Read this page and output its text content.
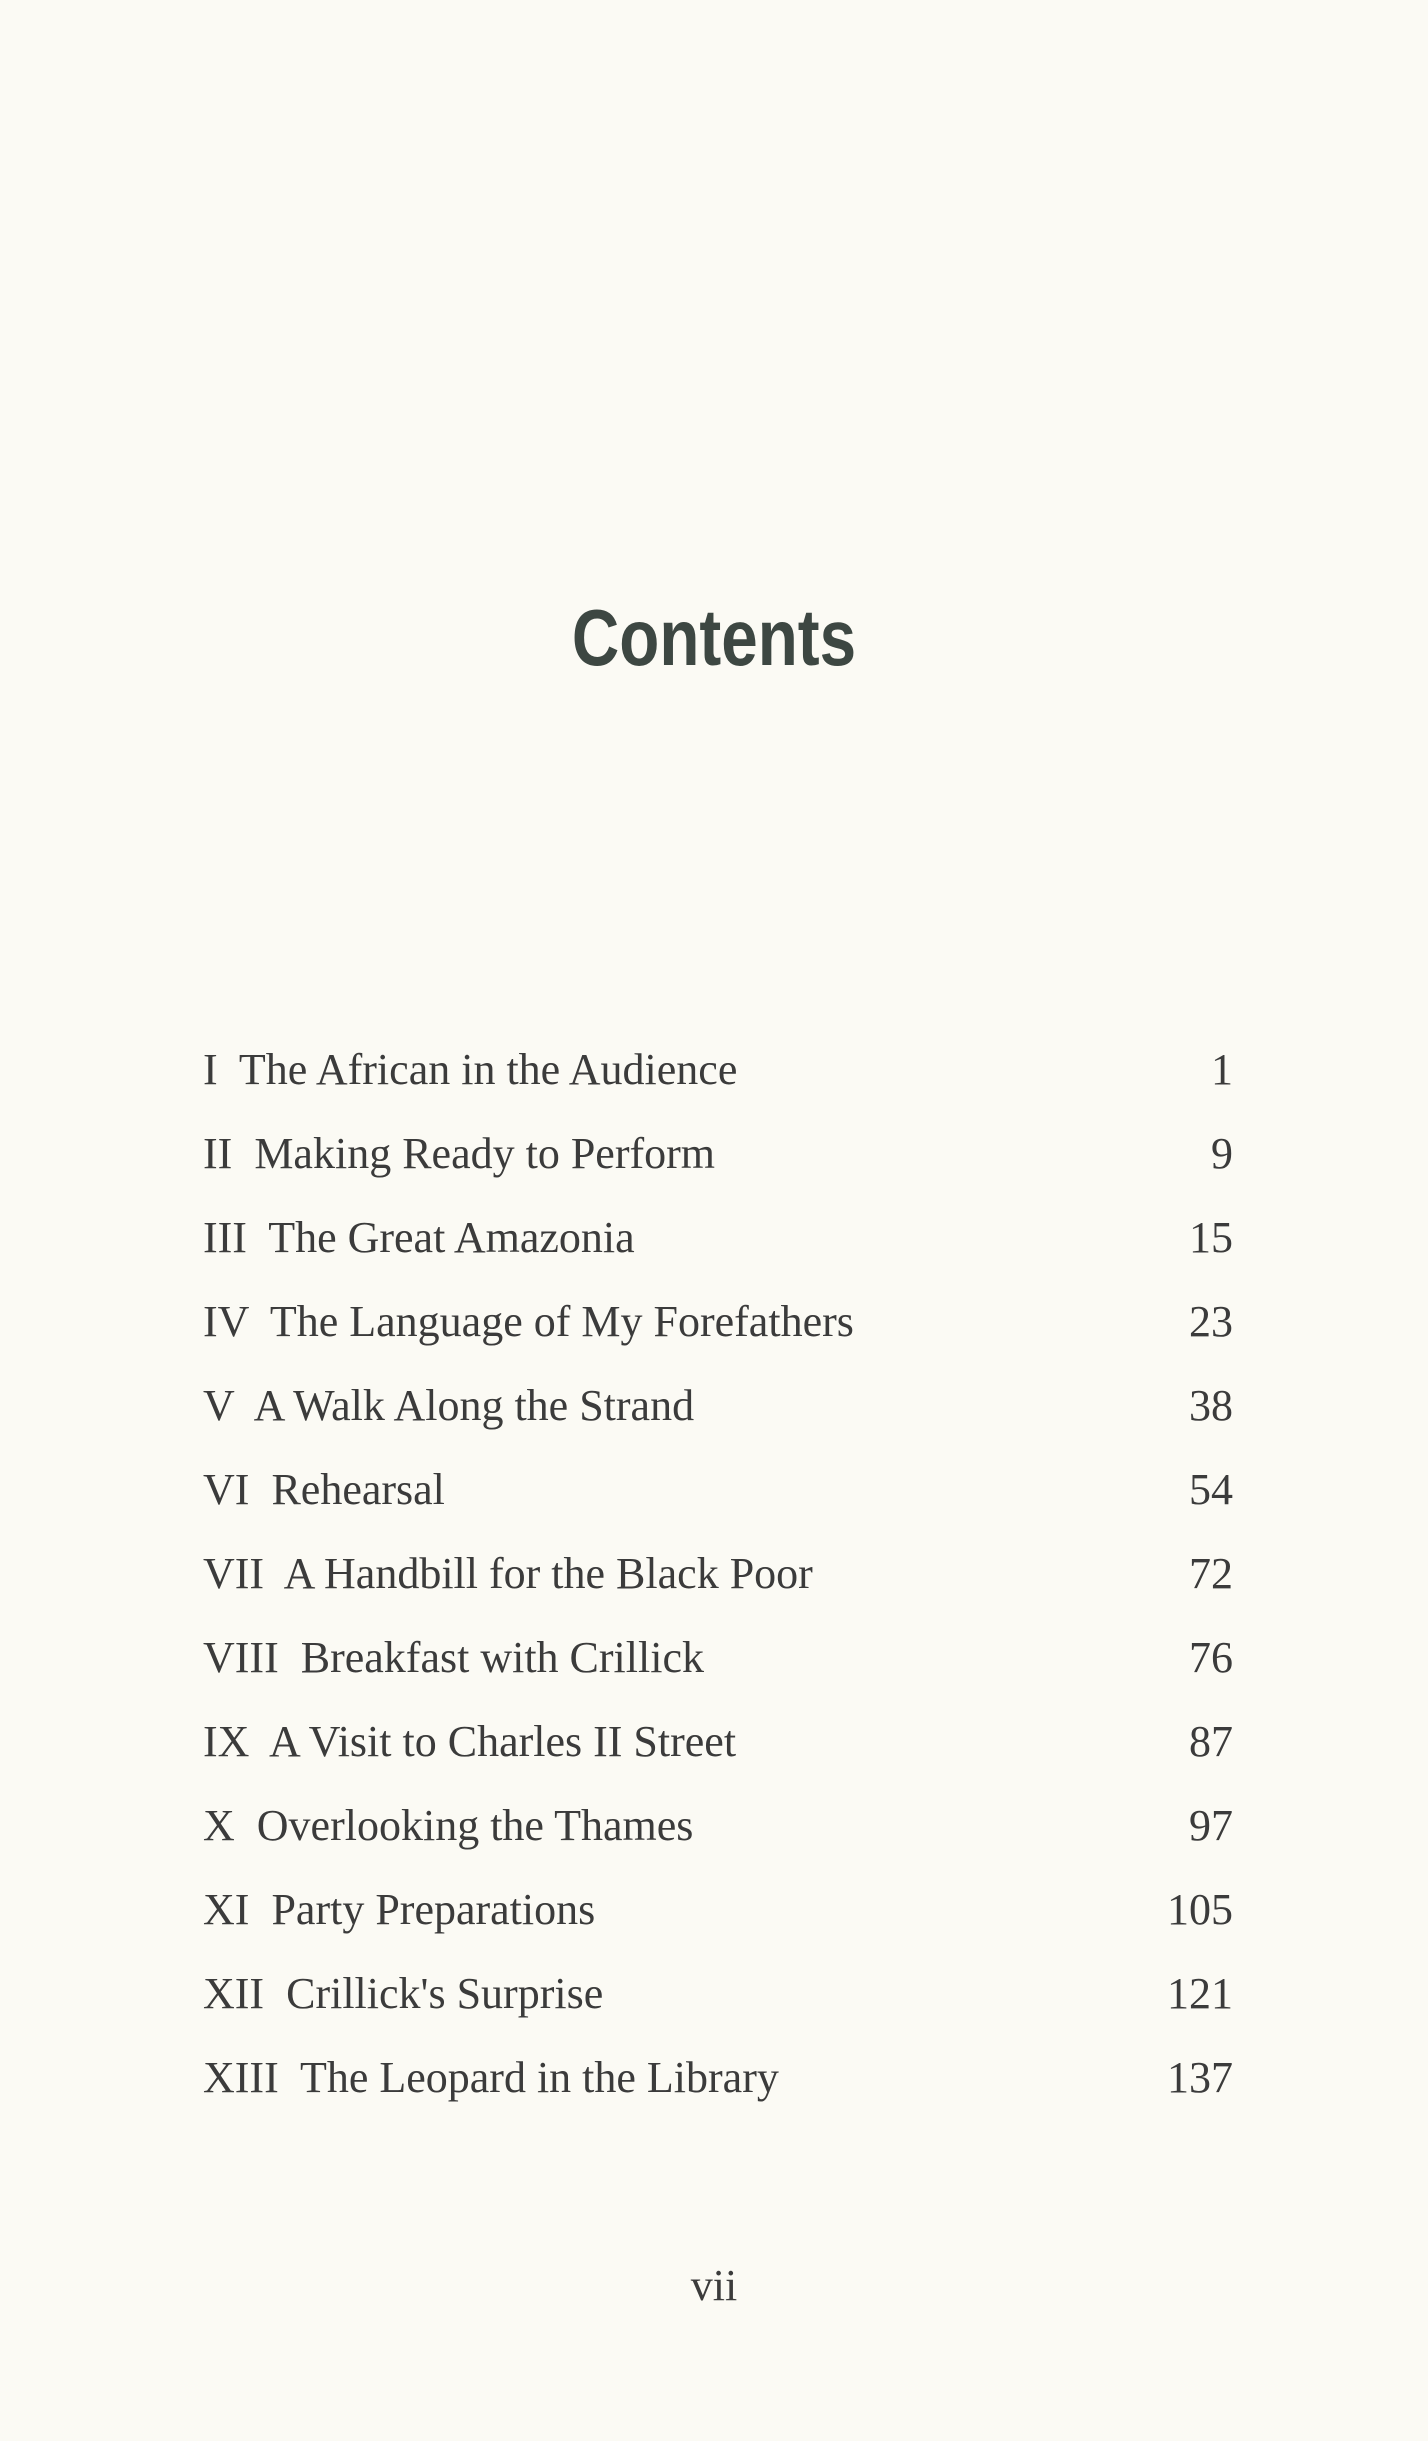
Contents
I The African in the Audience	1
II Making Ready to Perform	9
III The Great Amazonia	15
IV The Language of My Forefathers	23
V A Walk Along the Strand	38
VI Rehearsal	54
VII A Handbill for the Black Poor	72
VIII Breakfast with Crillick	76
IX A Visit to Charles II Street	87
X Overlooking the Thames	97
XI Party Preparations	105
XII Crillick's Surprise	121
XIII The Leopard in the Library	137
vii
